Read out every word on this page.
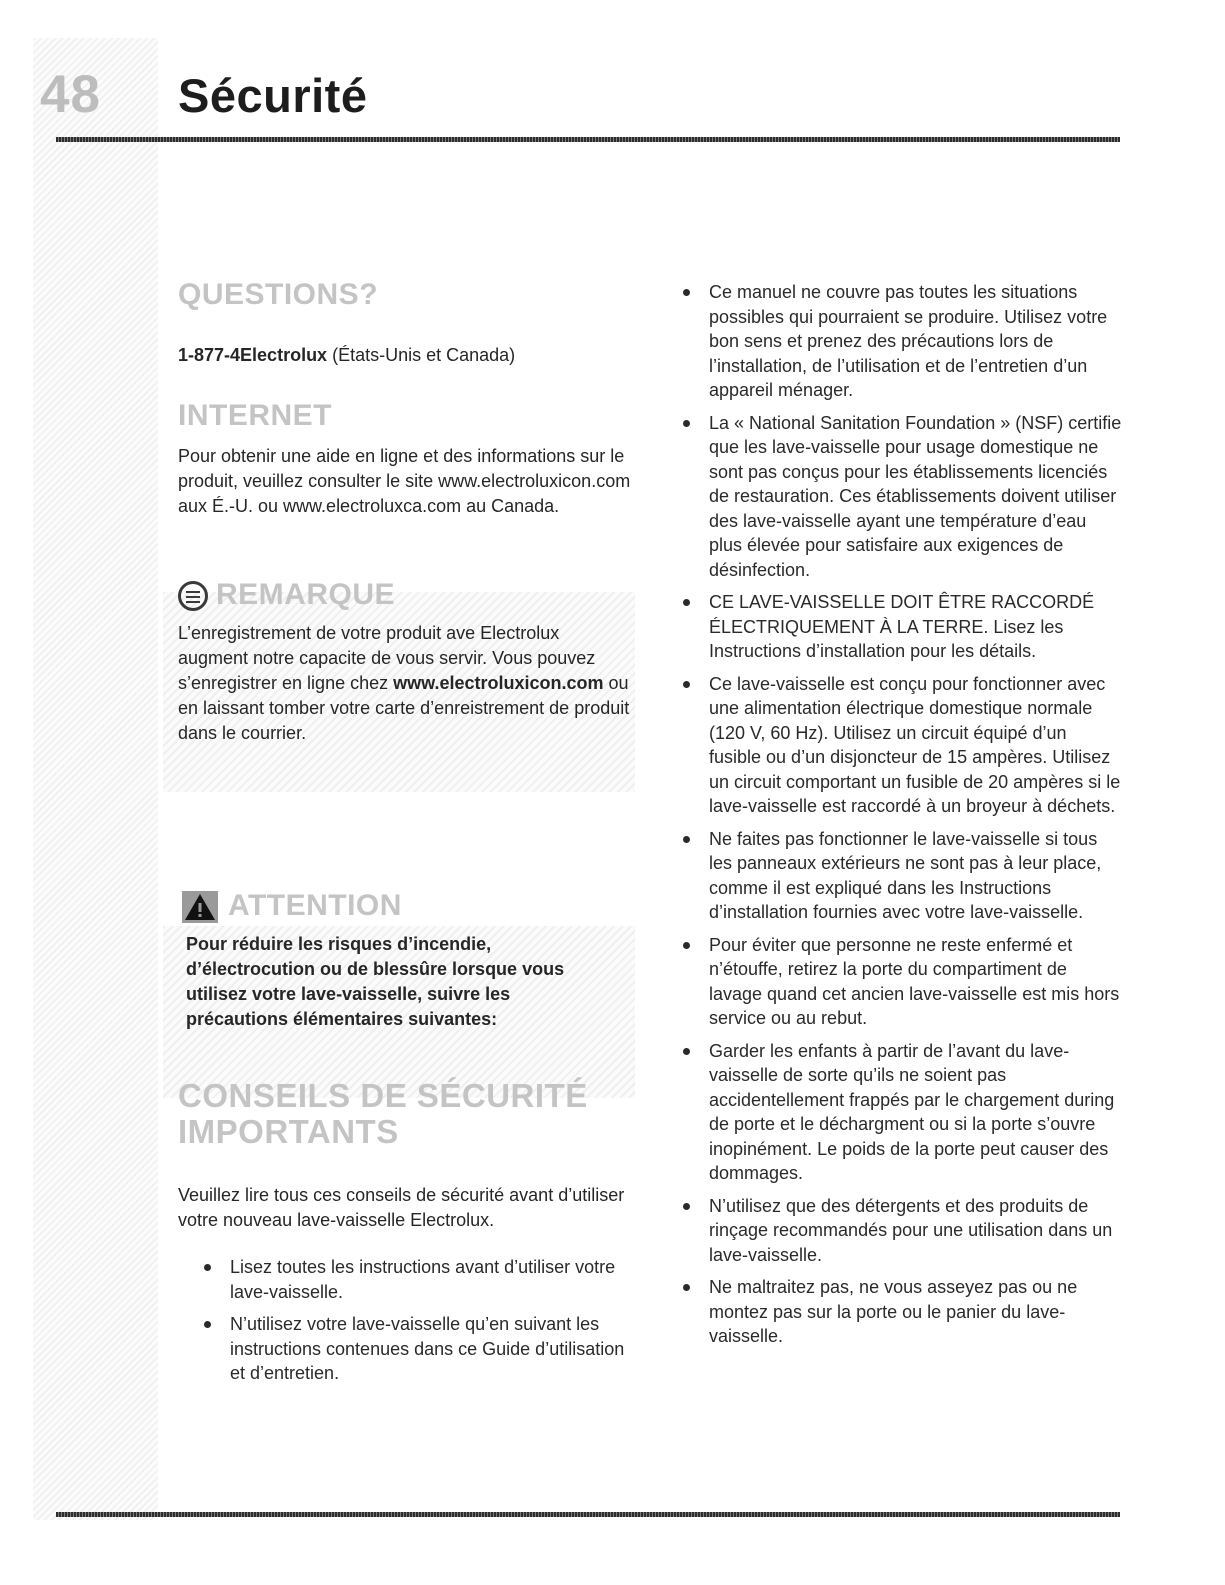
48 Sécurité
QUESTIONS?

1-877-4Electrolux (États-Unis et Canada)

INTERNET

Pour obtenir une aide en ligne et des informations sur le produit, veuillez consulter le site www.electroluxicon.com aux É.-U. ou www.electroluxca.com au Canada.

REMARQUE

L’enregistrement de votre produit ave Electrolux augment notre capacite de vous servir. Vous pouvez s’enregistrer en ligne chez www.electroluxicon.com ou en laissant tomber votre carte d’enreistrement de produit dans le courrier.

ATTENTION

Pour réduire les risques d’incendie, d’électrocution ou de blessûre lorsque vous utilisez votre lave-vaisselle, suivre les précautions élémentaires suivantes:

CONSEILS DE SÉCURITÉ
IMPORTANTS

Veuillez lire tous ces conseils de sécurité avant d’utiliser votre nouveau lave-vaisselle Electrolux.

Lisez toutes les instructions avant d’utiliser votre lave-vaisselle.
N’utilisez votre lave-vaisselle qu’en suivant les instructions contenues dans ce Guide d’utilisation et d’entretien.
Ce manuel ne couvre pas toutes les situations possibles qui pourraient se produire. Utilisez votre bon sens et prenez des précautions lors de l’installation, de l’utilisation et de l’entretien d’un appareil ménager.
La « National Sanitation Foundation » (NSF) certifie que les lave-vaisselle pour usage domestique ne sont pas conçus pour les établissements licenciés de restauration. Ces établissements doivent utiliser des lave-vaisselle ayant une température d’eau plus élevée pour satisfaire aux exigences de désinfection.
CE LAVE-VAISSELLE DOIT ÊTRE RACCORDÉ ÉLECTRIQUEMENT À LA TERRE. Lisez les Instructions d’installation pour les détails.
Ce lave-vaisselle est conçu pour fonctionner avec une alimentation électrique domestique normale (120 V, 60 Hz). Utilisez un circuit équipé d’un fusible ou d’un disjoncteur de 15 ampères. Utilisez un circuit comportant un fusible de 20 ampères si le lave-vaisselle est raccordé à un broyeur à déchets.
Ne faites pas fonctionner le lave-vaisselle si tous les panneaux extérieurs ne sont pas à leur place, comme il est expliqué dans les Instructions d’installation fournies avec votre lave-vaisselle.
Pour éviter que personne ne reste enfermé et n’étouffe, retirez la porte du compartiment de lavage quand cet ancien lave-vaisselle est mis hors service ou au rebut.
Garder les enfants à partir de l’avant du lave-vaisselle de sorte qu’ils ne soient pas accidentellement frappés par le chargement during de porte et le déchargment ou si la porte s’ouvre inopinément. Le poids de la porte peut causer des dommages.
N’utilisez que des détergents et des produits de rinçage recommandés pour une utilisation dans un lave-vaisselle.
Ne maltraitez pas, ne vous asseyez pas ou ne montez pas sur la porte ou le panier du lave-vaisselle.
